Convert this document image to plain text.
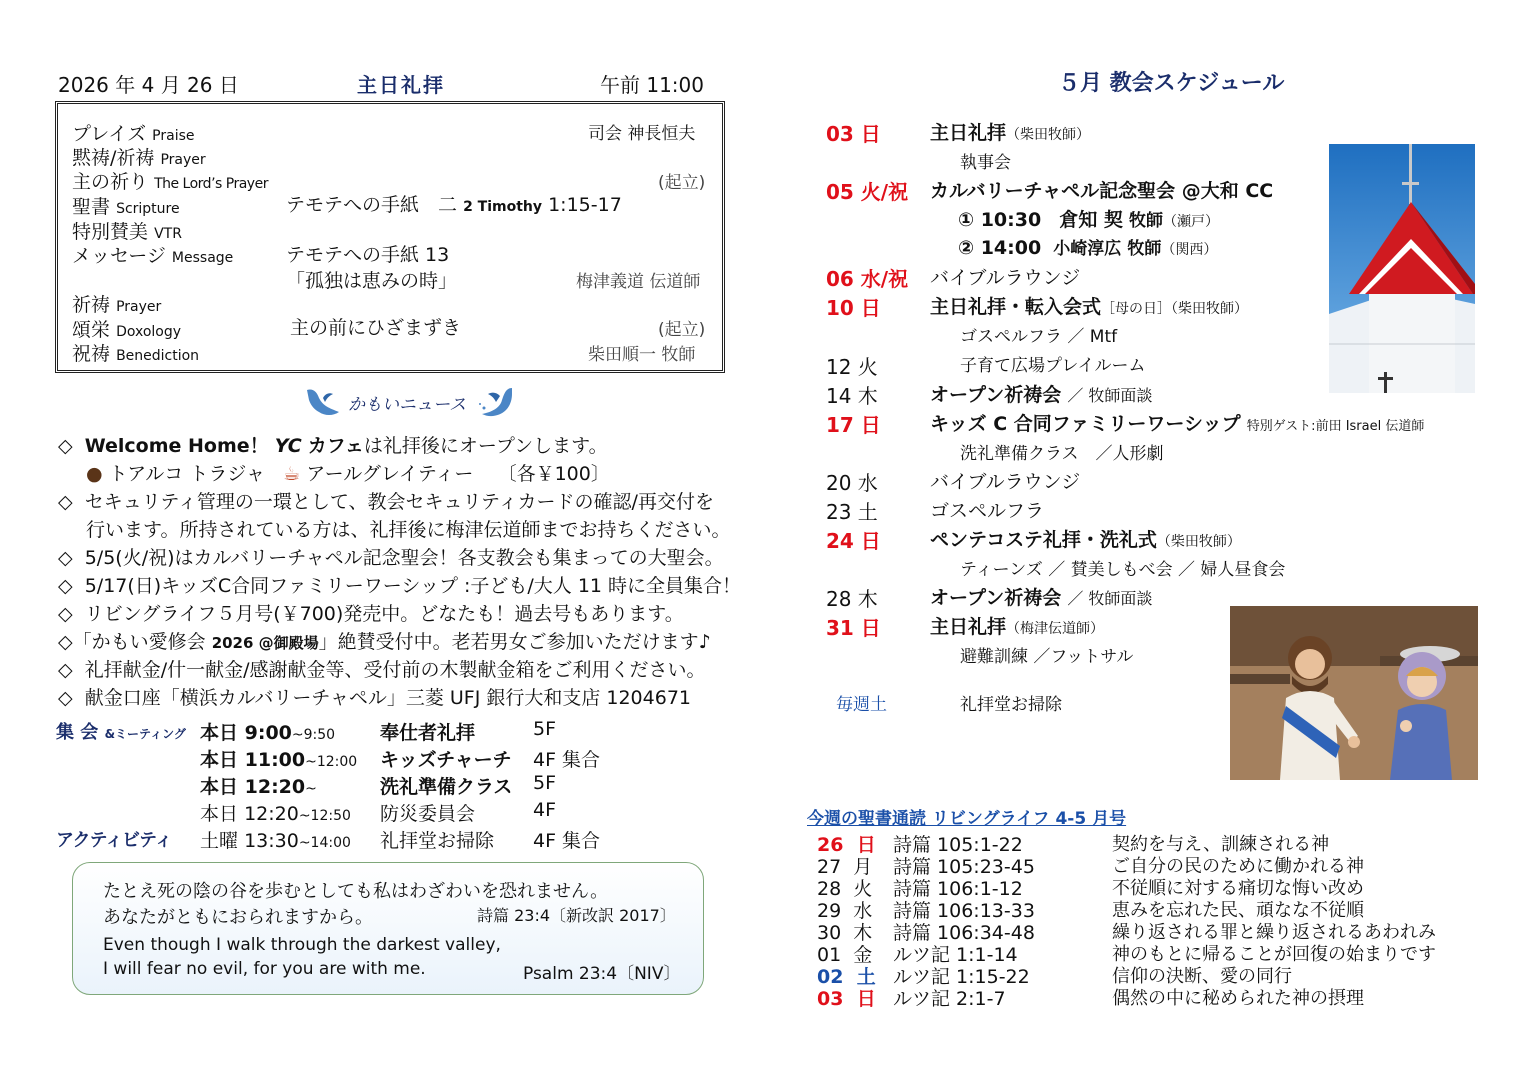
2026 年 4 月 26 日	主日礼拝	午前 11:00
プレイズ Praise	司会 神長恒夫
黙祷/祈祷 Prayer
主の祈り The Lord’s Prayer	(起立)
聖書 Scripture	テモテへの手紙　二 2 Timothy 1:15-17
特別賛美 VTR
メッセージ Message	テモテへの手紙 13
「孤独は恵みの時」	梅津義道 伝道師
祈祷 Prayer
頌栄 Doxology	主の前にひざまずき	(起立)
祝祷 Benediction	柴田順一 牧師
かもいニュース
◇ Welcome Home！ YC カフェは礼拝後にオープンします。
● トアルコ トラジャ ☕ アールグレイティー 〔各￥100〕
◇ セキュリティ管理の一環として、教会セキュリティカードの確認/再交付を
行います。所持されている方は、礼拝後に梅津伝道師までお持ちください。
◇ 5/5(火/祝)はカルバリーチャペル記念聖会！各支教会も集まっての大聖会。
◇ 5/17(日)キッズC合同ファミリーワーシップ :子ども/大人 11 時に全員集合！
◇ リビングライフ５月号(￥700)発売中。どなたも！過去号もあります。
◇「かもい愛修会 2026 @御殿場」絶賛受付中。老若男女ご参加いただけます♪
◇ 礼拝献金/什一献金/感謝献金等、受付前の木製献金箱をご利用ください。
◇ 献金口座「横浜カルバリーチャペル」三菱 UFJ 銀行大和支店 1204671
集 会 &ミーティング
アクティビティ
本日 9:00~9:50 奉仕者礼拝	5F
本日 11:00~12:00 キッズチャーチ 4F 集合
本日 12:20~	洗礼準備クラス 5F
本日 12:20~12:50 防災委員会	4F
土曜 13:30~14:00 礼拝堂お掃除 4F 集合
たとえ死の陰の谷を歩むとしても私はわざわいを恐れません。
あなたがともにおられますから。	詩篇 23:4〔新改訳 2017〕
Even though I walk through the darkest valley,
I will fear no evil, for you are with me.	Psalm 23:4〔NIV〕
５月 教会スケジュール
03 日	主日礼拝（柴田牧師）
執事会
05 火/祝 カルバリーチャペル記念聖会 @大和 CC
① 10:30 倉知 契 牧師（瀬戸）
② 14:00 小崎淳広 牧師（関西）
06 水/祝 バイブルラウンジ
10 日	主日礼拝・転入会式［母の日］（柴田牧師）
ゴスペルフラ ／ Mtf
12 火	子育て広場プレイルーム
14 木	オープン祈祷会 ／ 牧師面談
17 日	キッズ C 合同ファミリーワーシップ 特別ゲスト:前田 Israel 伝道師
洗礼準備クラス　／人形劇
20 水	バイブルラウンジ
23 土	ゴスペルフラ
24 日	ペンテコステ礼拝・洗礼式（柴田牧師）
ティーンズ ／ 賛美しもべ会 ／ 婦人昼食会
28 木	オープン祈祷会 ／ 牧師面談
31 日	主日礼拝（梅津伝道師）
避難訓練 ／フットサル
毎週土	礼拝堂お掃除
今週の聖書通読 リビングライフ 4-5 月号
26 日 詩篇 105:1-22	契約を与え、訓練される神
27 月 詩篇 105:23-45	ご自分の民のために働かれる神
28 火 詩篇 106:1-12	不従順に対する痛切な悔い改め
29 水 詩篇 106:13-33	恵みを忘れた民、頑なな不従順
30 木 詩篇 106:34-48	繰り返される罪と繰り返されるあわれみ
01 金 ルツ記 1:1-14	神のもとに帰ることが回復の始まりです
02 土 ルツ記 1:15-22	信仰の決断、愛の同行
03 日 ルツ記 2:1-7	偶然の中に秘められた神の摂理
